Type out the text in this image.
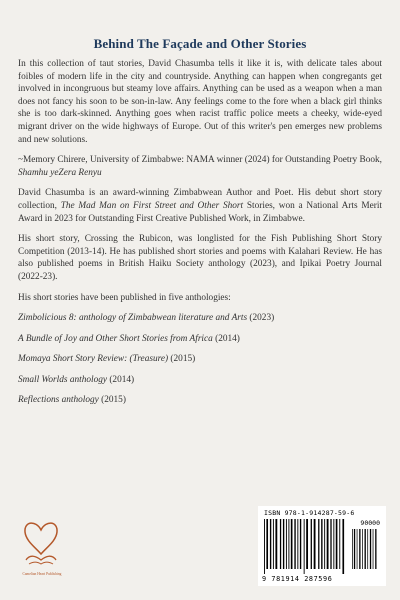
Behind The Façade and Other Stories

In this collection of taut stories, David Chasumba tells it like it is, with delicate tales about foibles of modern life in the city and countryside. Anything can happen when congregants get involved in incongruous but steamy love affairs. Anything can be used as a weapon when a man does not fancy his soon to be son-in-law. Any feelings come to the fore when a black girl thinks she is too dark-skinned. Anything goes when racist traffic police meets a cheeky, wide-eyed migrant driver on the wide highways of Europe. Out of this writer's pen emerges new problems and new solutions.

~Memory Chirere, University of Zimbabwe: NAMA winner (2024) for Outstanding Poetry Book, Shamhu yeZera Renyu

David Chasumba is an award-winning Zimbabwean Author and Poet. His debut short story collection, The Mad Man on First Street and Other Short Stories, won a National Arts Merit Award in 2023 for Outstanding First Creative Published Work, in Zimbabwe.

His short story, Crossing the Rubicon, was longlisted for the Fish Publishing Short Story Competition (2013-14). He has published short stories and poems with Kalahari Review. He has also published poems in British Haiku Society anthology (2023), and Ipikai Poetry Journal (2022-23).

His short stories have been published in five anthologies:

Zimbolicious 8: anthology of Zimbabwean literature and Arts (2023)

A Bundle of Joy and Other Short Stories from Africa (2014)

Momaya Short Story Review: (Treasure) (2015)

Small Worlds anthology (2014)

Reflections anthology (2015)

Camelian Heart Publishing
ISBN 978-1-914287-59-6
90000
9 781914 287596
